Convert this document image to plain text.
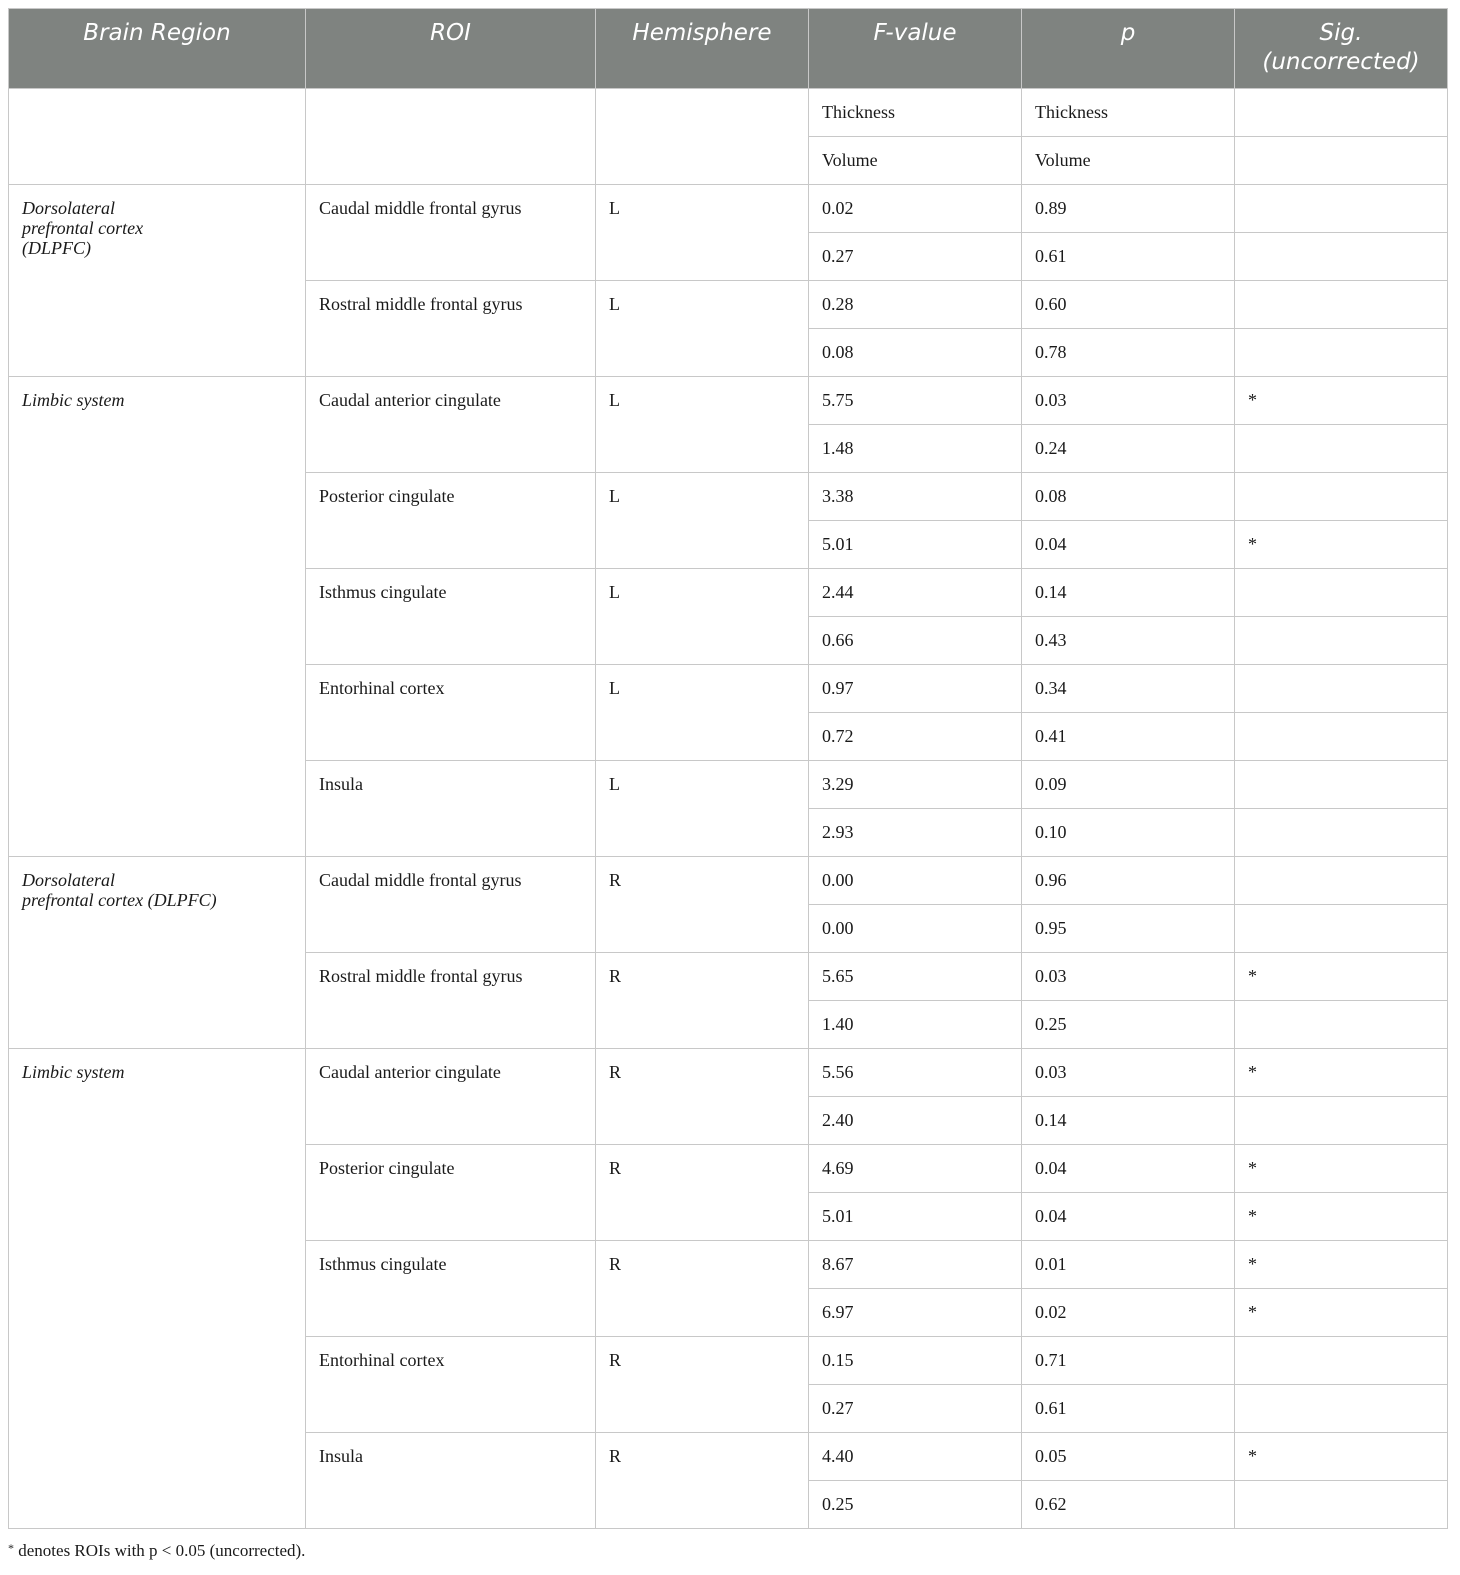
Brain Region	ROI	Hemisphere	F-value	p	Sig. (uncorrected)
			Thickness	Thickness	
			Volume	Volume	
Dorsolateral
prefrontal cortex
(DLPFC)	Caudal middle frontal gyrus	L	0.02	0.89	
			0.27	0.61	
	Rostral middle frontal gyrus	L	0.28	0.60	
			0.08	0.78	
Limbic system	Caudal anterior cingulate	L	5.75	0.03	*
			1.48	0.24	
	Posterior cingulate	L	3.38	0.08	
			5.01	0.04	*
	Isthmus cingulate	L	2.44	0.14	
			0.66	0.43	
	Entorhinal cortex	L	0.97	0.34	
			0.72	0.41	
	Insula	L	3.29	0.09	
			2.93	0.10	
Dorsolateral
prefrontal cortex (DLPFC)	Caudal middle frontal gyrus	R	0.00	0.96	
			0.00	0.95	
	Rostral middle frontal gyrus	R	5.65	0.03	*
			1.40	0.25	
Limbic system	Caudal anterior cingulate	R	5.56	0.03	*
			2.40	0.14	
	Posterior cingulate	R	4.69	0.04	*
			5.01	0.04	*
	Isthmus cingulate	R	8.67	0.01	*
			6.97	0.02	*
	Entorhinal cortex	R	0.15	0.71	
			0.27	0.61	
	Insula	R	4.40	0.05	*
			0.25	0.62	
* denotes ROIs with p < 0.05 (uncorrected).
